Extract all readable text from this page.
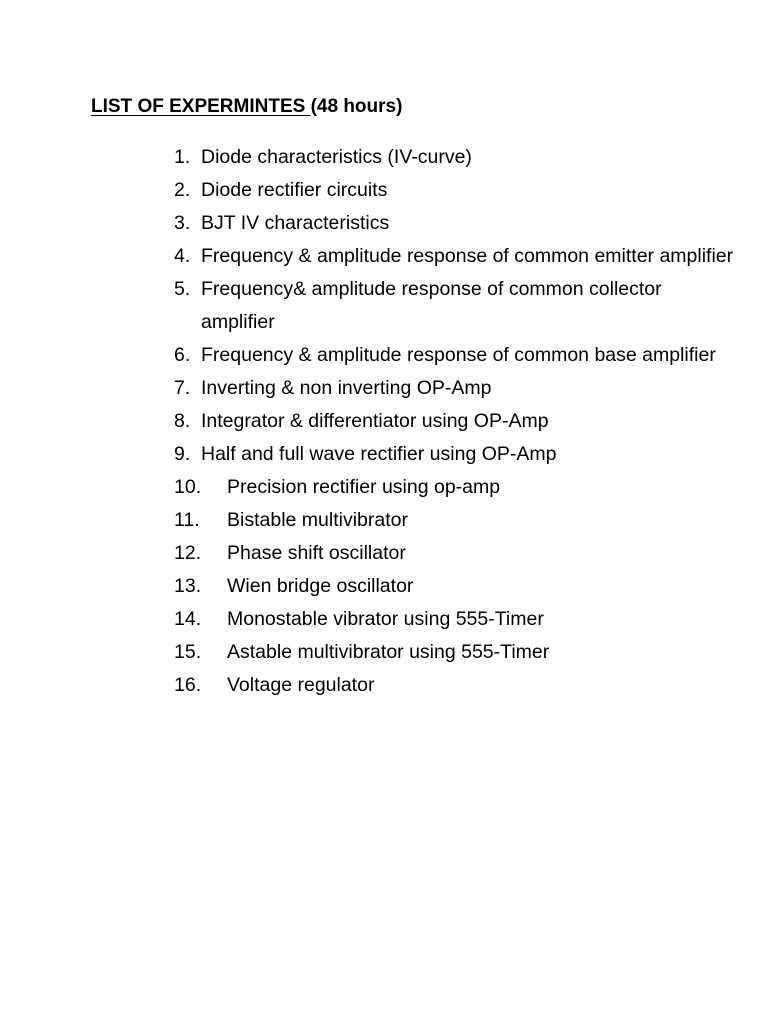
LIST OF EXPERMINTES (48 hours)
1. Diode characteristics (IV-curve)
2. Diode rectifier circuits
3. BJT IV characteristics
4. Frequency & amplitude response of common emitter amplifier
5. Frequency& amplitude response of common collector amplifier
6. Frequency & amplitude response of common base amplifier
7. Inverting & non inverting OP-Amp
8. Integrator & differentiator using OP-Amp
9. Half and full wave rectifier using OP-Amp
10. Precision rectifier using op-amp
11. Bistable multivibrator
12. Phase shift oscillator
13. Wien bridge oscillator
14. Monostable vibrator using 555-Timer
15. Astable multivibrator using 555-Timer
16. Voltage regulator
